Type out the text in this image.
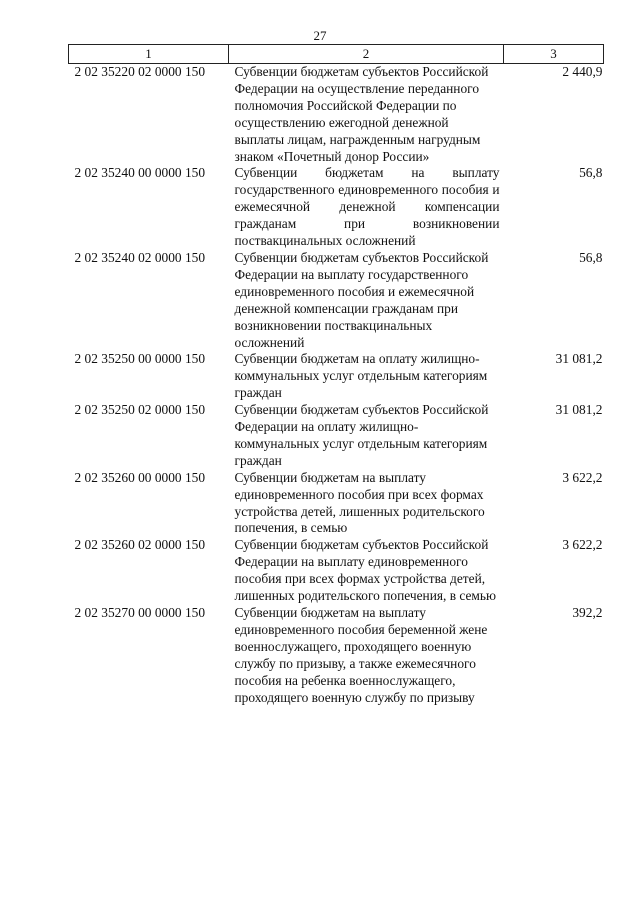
27
1	2	3
2 02 35220 02 0000 150	Субвенции бюджетам субъектов Российской Федерации на осуществление переданного полномочия Российской Федерации по осуществлению ежегодной денежной выплаты лицам, награжденным нагрудным знаком «Почетный донор России»	2 440,9
2 02 35240 00 0000 150	Субвенции бюджетам на выплату государственного единовременного пособия и ежемесячной денежной компенсации гражданам при возникновении поствакцинальных осложнений	56,8
2 02 35240 02 0000 150	Субвенции бюджетам субъектов Российской Федерации на выплату государственного единовременного пособия и ежемесячной денежной компенсации гражданам при возникновении поствакцинальных осложнений	56,8
2 02 35250 00 0000 150	Субвенции бюджетам на оплату жилищно-коммунальных услуг отдельным категориям граждан	31 081,2
2 02 35250 02 0000 150	Субвенции бюджетам субъектов Российской Федерации на оплату жилищно-коммунальных услуг отдельным категориям граждан	31 081,2
2 02 35260 00 0000 150	Субвенции бюджетам на выплату единовременного пособия при всех формах устройства детей, лишенных родительского попечения, в семью	3 622,2
2 02 35260 02 0000 150	Субвенции бюджетам субъектов Российской Федерации на выплату единовременного пособия при всех формах устройства детей, лишенных родительского попечения, в семью	3 622,2
2 02 35270 00 0000 150	Субвенции бюджетам на выплату единовременного пособия беременной жене военнослужащего, проходящего военную службу по призыву, а также ежемесячного пособия на ребенка военнослужащего, проходящего военную службу по призыву	392,2
